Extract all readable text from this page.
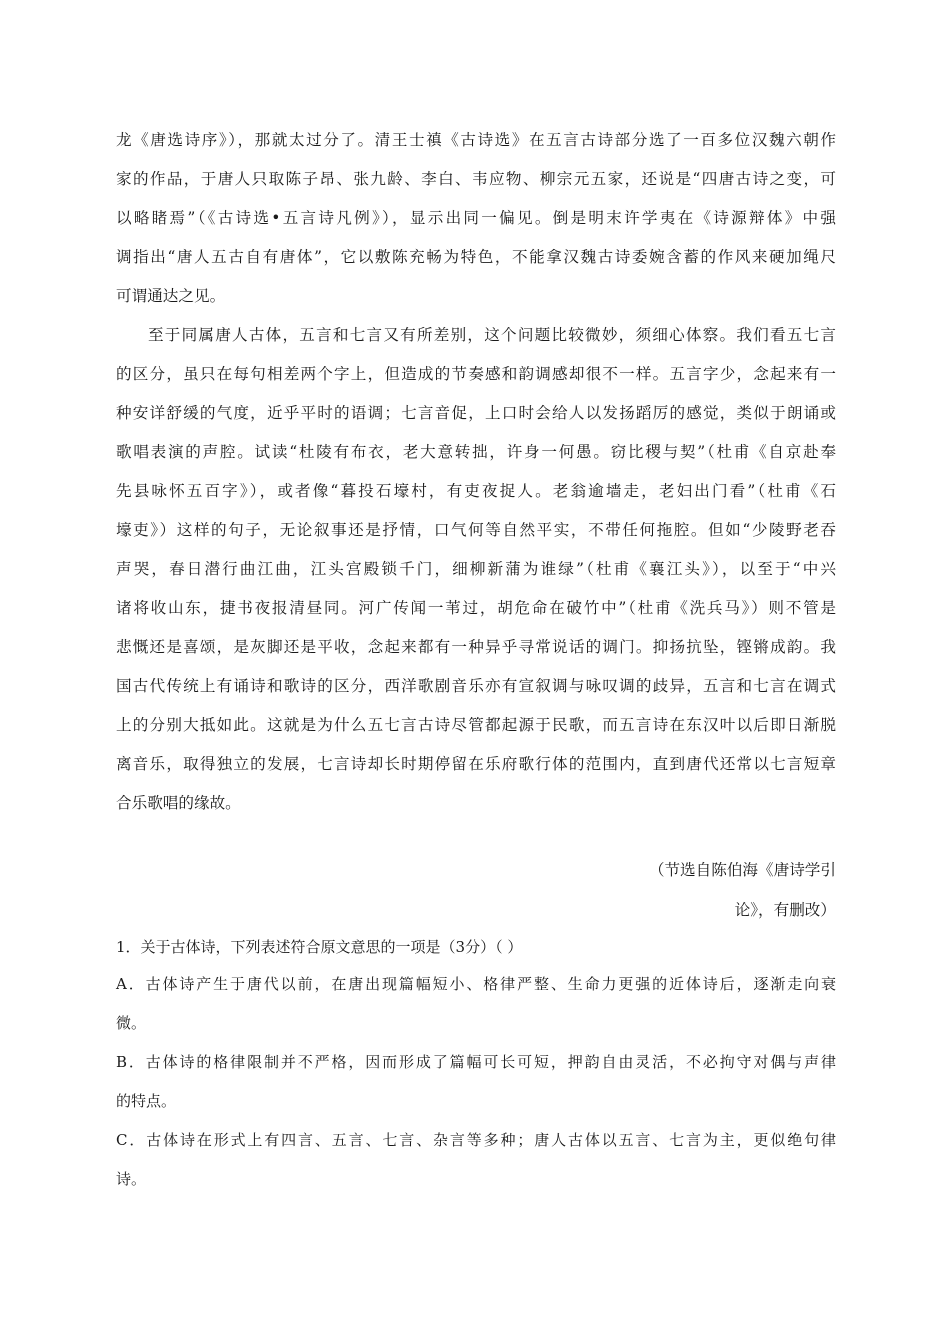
龙《唐选诗序》），那就太过分了。清王士禛《古诗选》在五言古诗部分选了一百多位汉魏六朝作
家的作品，于唐人只取陈子昂、张九龄、李白、韦应物、柳宗元五家，还说是“四唐古诗之变，可
以略睹焉”（《古诗选•五言诗凡例》），显示出同一偏见。倒是明末许学夷在《诗源辩体》中强
调指出“唐人五古自有唐体”，它以敷陈充畅为特色，不能拿汉魏古诗委婉含蓄的作风来硬加绳尺
可谓通达之见。
至于同属唐人古体，五言和七言又有所差别，这个问题比较微妙，须细心体察。我们看五七言
的区分，虽只在每句相差两个字上，但造成的节奏感和韵调感却很不一样。五言字少，念起来有一
种安详舒缓的气度，近乎平时的语调；七言音促，上口时会给人以发扬蹈厉的感觉，类似于朗诵或
歌唱表演的声腔。试读“杜陵有布衣，老大意转拙，许身一何愚。窃比稷与契”（杜甫《自京赴奉
先县咏怀五百字》），或者像“暮投石壕村，有吏夜捉人。老翁逾墙走，老妇出门看”（杜甫《石
壕吏》）这样的句子，无论叙事还是抒情，口气何等自然平实，不带任何拖腔。但如“少陵野老吞
声哭，春日潜行曲江曲，江头宫殿锁千门，细柳新蒲为谁绿”（杜甫《襄江头》），以至于“中兴
诸将收山东，捷书夜报清昼同。河广传闻一苇过，胡危命在破竹中”（杜甫《洗兵马》）则不管是
悲慨还是喜颂，是灰脚还是平收，念起来都有一种异乎寻常说话的调门。抑扬抗坠，铿锵成韵。我
国古代传统上有诵诗和歌诗的区分，西洋歌剧音乐亦有宣叙调与咏叹调的歧异，五言和七言在调式
上的分别大抵如此。这就是为什么五七言古诗尽管都起源于民歌，而五言诗在东汉叶以后即日渐脱
离音乐，取得独立的发展，七言诗却长时期停留在乐府歌行体的范围内，直到唐代还常以七言短章
合乐歌唱的缘故。
（节选自陈伯海《唐诗学引
论》，有删改）
1．关于古体诗，下列表述符合原文意思的一项是（3分）（ ）
A．古体诗产生于唐代以前，在唐出现篇幅短小、格律严整、生命力更强的近体诗后，逐渐走向衰
微。
B．古体诗的格律限制并不严格，因而形成了篇幅可长可短，押韵自由灵活，不必拘守对偶与声律
的特点。
C．古体诗在形式上有四言、五言、七言、杂言等多种；唐人古体以五言、七言为主，更似绝句律
诗。
